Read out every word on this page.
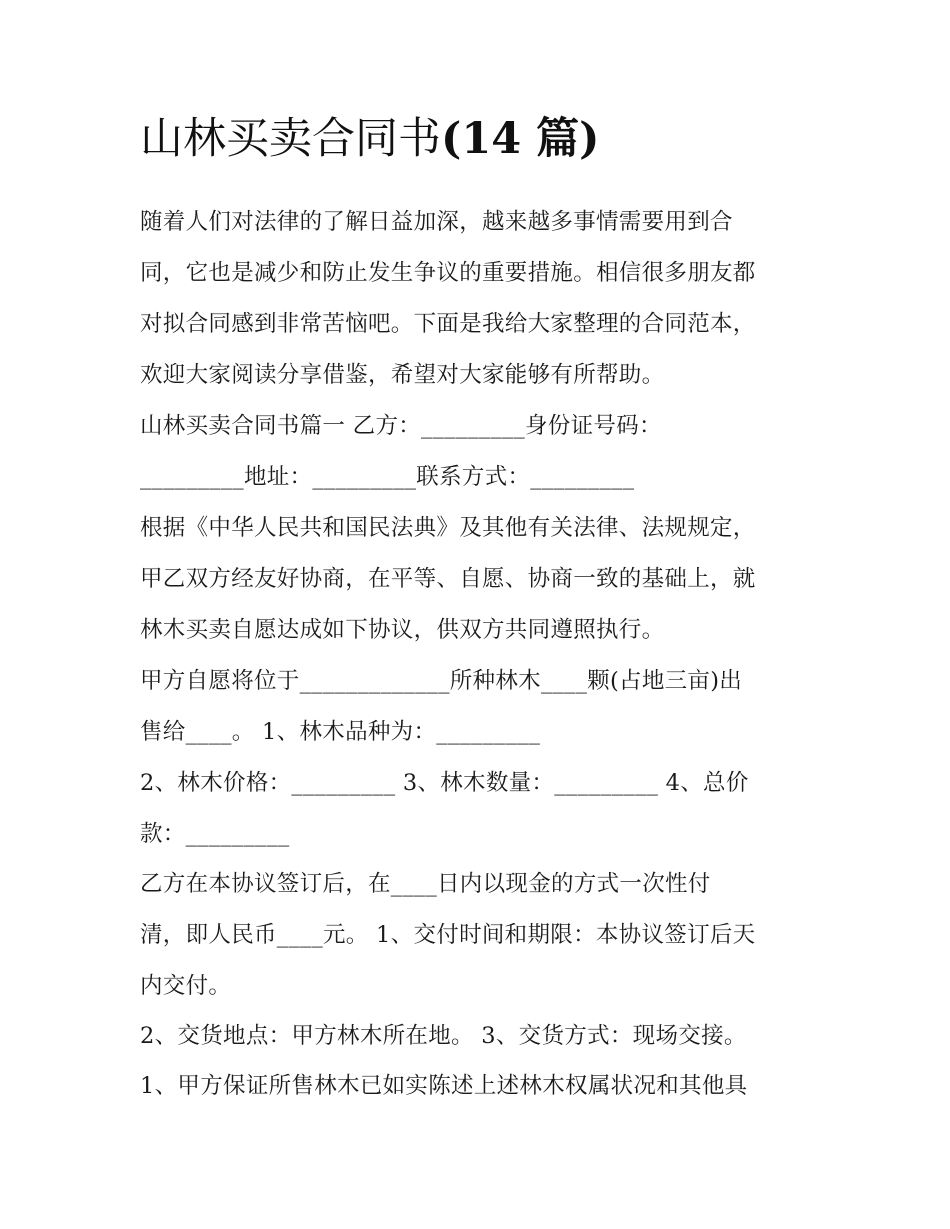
山林买卖合同书(14 篇)

随着人们对法律的了解日益加深，越来越多事情需要用到合

同，它也是减少和防止发生争议的重要措施。相信很多朋友都

对拟合同感到非常苦恼吧。下面是我给大家整理的合同范本，

欢迎大家阅读分享借鉴，希望对大家能够有所帮助。

山林买卖合同书篇一 乙方：_________身份证号码：

_________地址：_________联系方式：_________

根据《中华人民共和国民法典》及其他有关法律、法规规定，

甲乙双方经友好协商，在平等、自愿、协商一致的基础上，就

林木买卖自愿达成如下协议，供双方共同遵照执行。

甲方自愿将位于_____________所种林木____颗(占地三亩)出

售给____。 1、林木品种为：_________

2、林木价格：_________ 3、林木数量：_________ 4、总价

款：_________

乙方在本协议签订后，在____日内以现金的方式一次性付

清，即人民币____元。 1、交付时间和期限：本协议签订后天

内交付。

2、交货地点：甲方林木所在地。 3、交货方式：现场交接。

1、甲方保证所售林木已如实陈述上述林木权属状况和其他具
